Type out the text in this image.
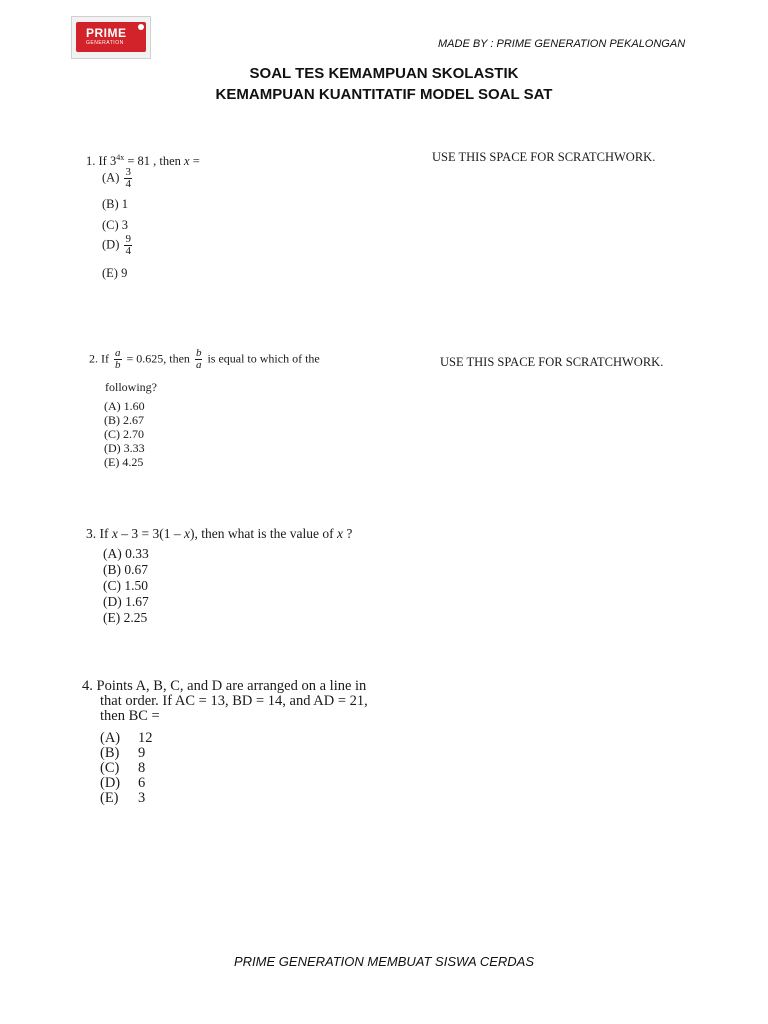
PRIME
GENERATION	MADE BY : PRIME GENERATION PEKALONGAN
SOAL TES KEMAMPUAN SKOLASTIK
KEMAMPUAN KUANTITATIF MODEL SOAL SAT
1. If $3^{4x} = 81$ , then x =	USE THIS SPACE FOR SCRATCHWORK.
$(A) \frac{3}{4}$
(B) 1
(C) 3
$(D) \frac{9}{4}$
(E) 9
2. If $\frac{a}{b} = 0.625$, then $\frac{b}{a}$ is equal to which of the	USE THIS SPACE FOR SCRATCHWORK.
following?
(A) 1.60
(B) 2.67
(C) 2.70
(D) 3.33
(E) 4.25
3. If x – 3 = 3(1 – x), then what is the value of x ?
(A) 0.33
(B) 0.67
(C) 1.50
(D) 1.67
(E) 2.25
4. Points A, B, C, and D are arranged on a line in
that order. If AC = 13, BD = 14, and AD = 21,
then BC =
(A) 12
(B) 9
(C) 8
(D) 6
(E) 3
PRIME GENERATION MEMBUAT SISWA CERDAS
